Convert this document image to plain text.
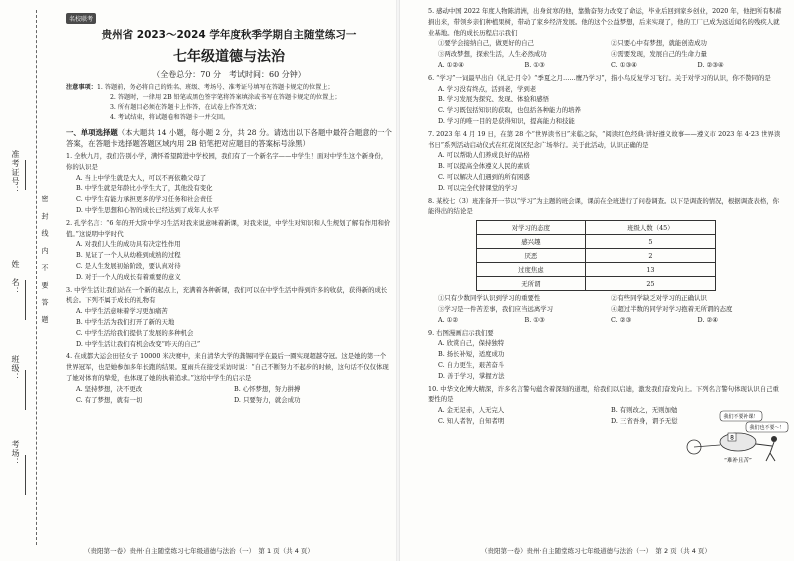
准考证号：
姓　名：	密 封 线 内 不 要 答 题
班级：
考场：
名校联考
贵州省 2023～2024 学年度秋季学期自主随堂练习一
七年级道德与法治
（全卷总分：70 分　考试时间：60 分钟）
注意事项：1. 答题前，务必将自己的姓名、班级、考场号、准考证号填写在答题卡规定的位置上；
2. 答题时，一律用 2B 铅笔或黑色签字笔将答案填涂或书写在答题卡规定的位置上；
3. 所有题目必须在答题卡上作答，在试卷上作答无效；
4. 考试结束，将试题卷和答题卡一并交回。
一、单项选择题（本大题共 14 小题，每小题 2 分，共 28 分。请选出以下各题中最符合题意的一个答案，在答题卡选择题答题区域内用 2B 铅笔把对应题目的答案标号涂黑）
1. 全秋九月，我们告别小学，满怀希望跨进中学校园，我们有了一个新名字——中学生！面对中学生这个新身份，你的认识是
A. 当上中学生就是大人，可以不再依赖父母了
B. 中学生就是年龄比小学生大了，其他没有变化
C. 中学生有能力承担更多的学习任务和社会责任
D. 中学生思想和心智的成长已经达到了成年人水平
2. 孔学名言：“6 年的开大阶中学习生活对我来说意味着新课，对我来说，中学生对知识和人生规划了解有作用和价值。”这说明中学时代
A. 对我们人生的成功具有决定性作用
B. 见证了一个人从幼稚到成熟的过程
C. 是人生发展初始阶段，要认真对待
D. 对于一个人的成长有着重要的意义
3. 中学生活让我们站在一个新的起点上，充满着各种新课，我们可以在中学生活中得到许多的收获，获得新的成长机会。下列不属于成长的礼物有
A. 中学生活意味着学习更加痛苦
B. 中学生活为我们打开了新的天地
C. 中学生活给我们提供了发展的多种机会
D. 中学生活让我们有机会改变“昨天的自己”
4. 在成都大运会田径女子 10000 米决赛中，来自清华大学的龚锡同学在最后一圈实现超越夺冠。这是她的第一个世界冠军，也是她参加多年长跑的结果。夏雨兵在接受采访时说：“自己不断努力不起步的时候，这句话不仅仅体现了她对体育的挚爱，也体现了她的执着追求。”这给中学生的启示是
A. 坚持梦想，决不更改	B. 心怀梦想，努力拼搏
C. 有了梦想，就有一切	D. 只要努力，就会成功
（贵阳第一卷）贵州·自主随堂练习七年级道德与法治（一）　第 1 页（共 4 页）
5. 感动中国 2022 年度人物陈清洲，出身贫寒的他，靠勤奋努力改变了命运，毕业后回到家乡创业，2020 年，他把所有积蓄捐出来，带领乡亲们种植果树，带动了家乡经济发展。他的这个公益梦想，后来实现了，他的工厂已成为远近闻名的残疾人就业基地。他的成长历程启示我们
①要学会接纳自己，做更好的自己	②只要心中有梦想，就能创造成功
③两改梦想，探索生活，人生必然成功	④需要发现，发展自己的生命力量
A. ①②④	B. ①③	C. ①③④	D. ②③④
6. “学习”一词最早出自《礼记·月令》“季夏之月……鹰乃学习”，指小鸟反复学习飞行。关于对学习的认识，你不赞同的是
A. 学习没有终点，活到老，学到老
B. 学习发展为探究、发现、体验和感悟
C. 学习既包括知识的获取，也包括各种能力的培养
D. 学习的唯一目的是获得知识，提高能力和技能
7. 2023 年 4 月 19 日，在第 28 个“世界读书日”来临之际，“阅读红色经典·讲好遵义故事——遵义市 2023 年 4·23 世界读书日”系列活动启动仪式在红花岗区纪念广场举行。关于此活动，认识正确的是
A. 可以帮助人们养成良好的品格
B. 可以提高全体遵义人民的素质
C. 可以解决人们遇到的所有困惑
D. 可以完全代替课堂的学习
8. 某校七（3）班准备开一节以“学习”为主题的班会课，课前在全班进行了问卷调查。以下是调查的情况，根据调查表格，你能得出的结论是
对学习的态度	班级人数（45）
感兴趣	5
厌恶	2
过度焦虑	13
无所谓	25
①只有少数同学认识到学习的重要性	②有些同学缺乏对学习的正确认识
③学习是一件苦差事，我们应当远离学习	④超过半数的同学对学习抱着无所谓的态度
A. ①②	B. ①③	C. ②③	D. ②④
9. 右图漫画启示我们要
A. 欣赏自己，保持独特
B. 扬长补短，适度成功
C. 自力更生，艰苦奋斗
D. 善于学习，掌握方法
10. 中华文化博大精深，许多名言警句蕴含着深刻的道理，给我们以启迪，激发我们奋发向上。下列名言警句体现认识自己重要性的是
A. 金无足赤，人无完人	B. 有则改之，无则加勉
C. 知人者智，自知者明	D. 三省吾身，谓予无愆	我们不要补课！
我们也不要～！
8
“难补且苦”
（贵阳第一卷）贵州·自主随堂练习七年级道德与法治（一）　第 2 页（共 4 页）
